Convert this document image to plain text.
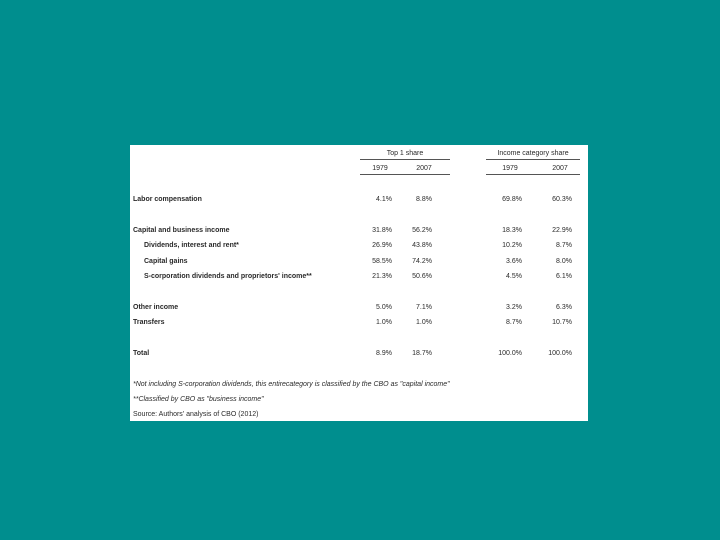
Top 1 share	Income category share
1979	2007	1979	2007
Labor compensation	4.1%	8.8%	69.8%	60.3%
Capital and business income	31.8%	56.2%	18.3%	22.9%
Dividends, interest and rent*	26.9%	43.8%	10.2%	8.7%
Capital gains	58.5%	74.2%	3.6%	8.0%
S-corporation dividends and proprietors' income**	21.3%	50.6%	4.5%	6.1%
Other income	5.0%	7.1%	3.2%	6.3%
Transfers	1.0%	1.0%	8.7%	10.7%
Total	8.9%	18.7%	100.0%	100.0%
*Not including S-corporation dividends, this entirecategory is classified by the CBO as "capital income"
**Classified by CBO as "business income"
Source: Authors' analysis of CBO (2012)
